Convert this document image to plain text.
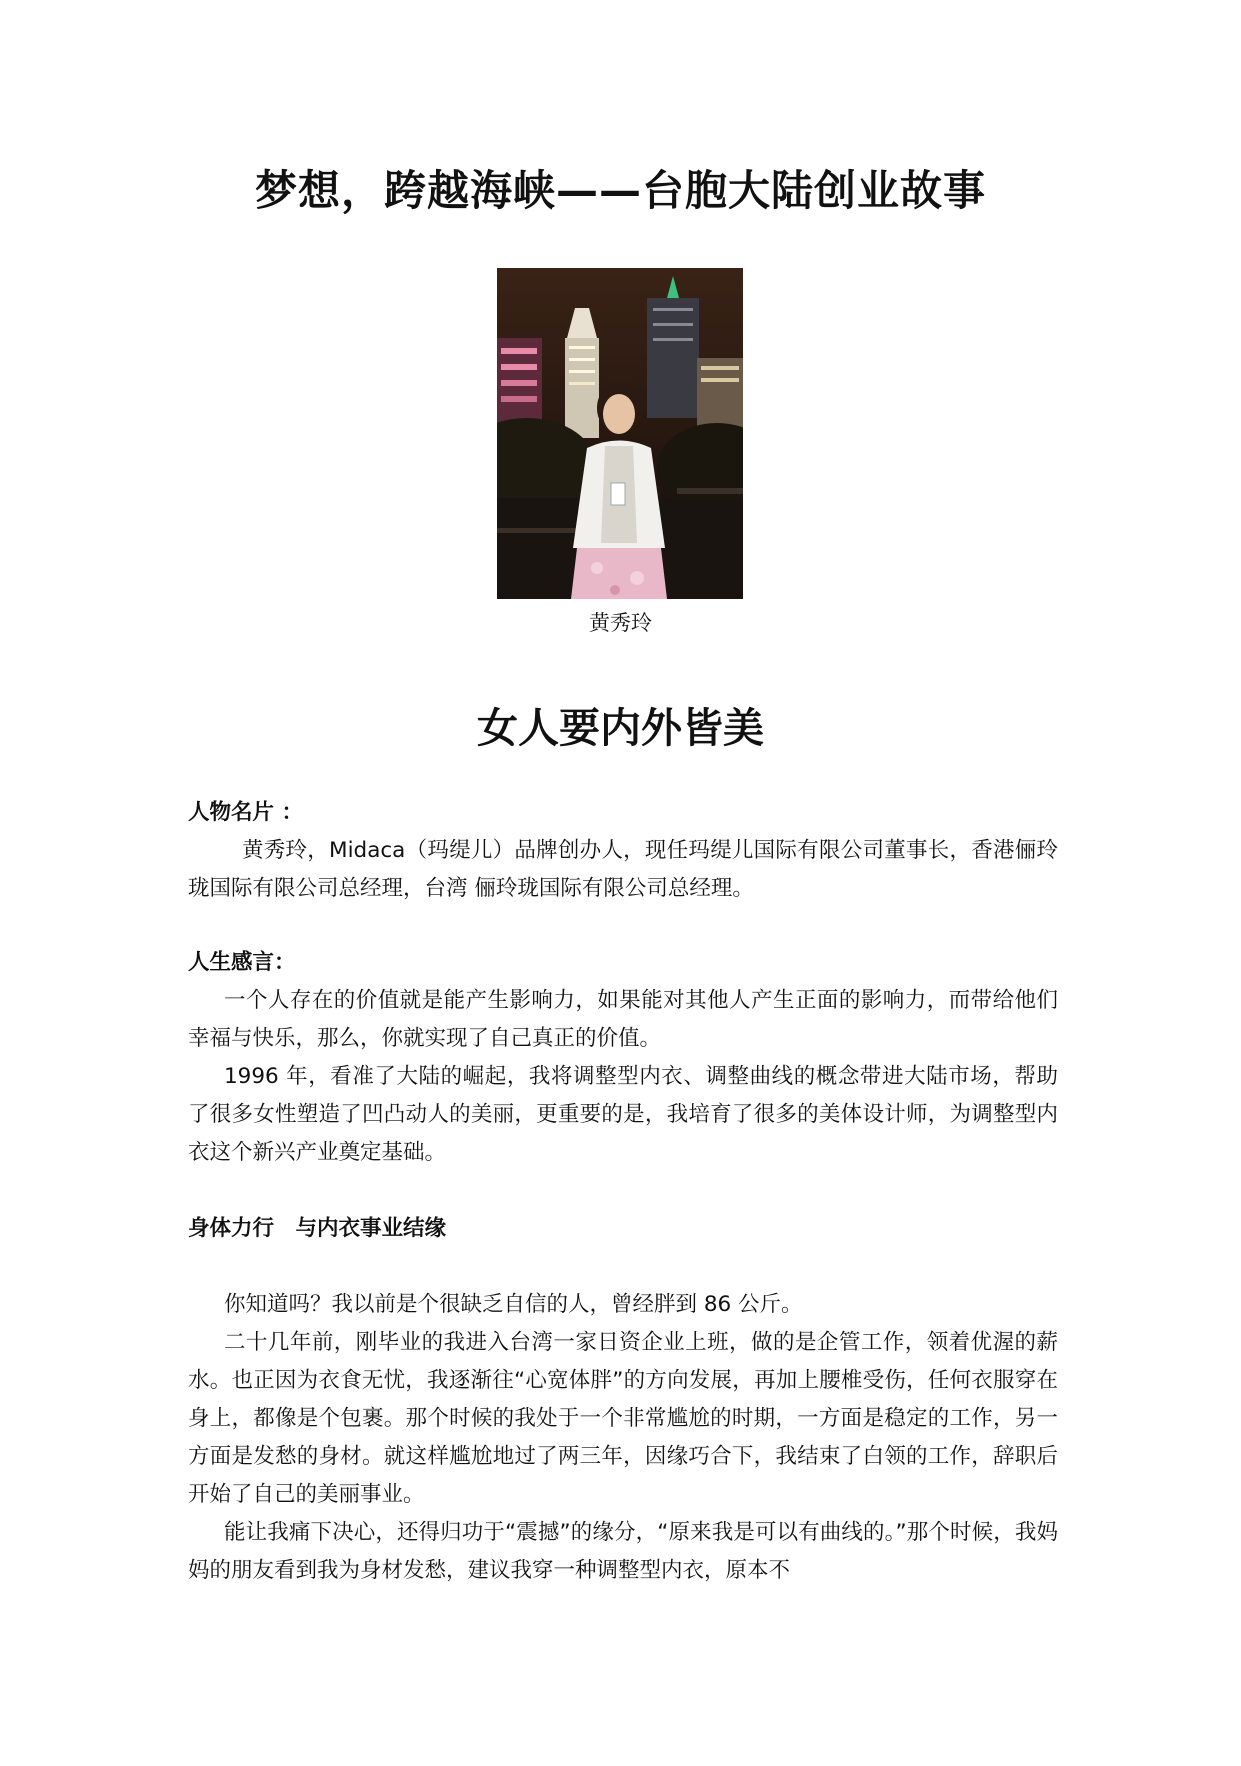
梦想，跨越海峡——台胞大陆创业故事

黄秀玲

女人要内外皆美

人物名片 ：

黄秀玲，Midaca（玛缇儿）品牌创办人，现任玛缇儿国际有限公司董事长，香港俪玲珑国际有限公司总经理，台湾 俪玲珑国际有限公司总经理。

人生感言：

一个人存在的价值就是能产生影响力，如果能对其他人产生正面的影响力，而带给他们幸福与快乐，那么，你就实现了自己真正的价值。

1996 年，看准了大陆的崛起，我将调整型内衣、调整曲线的概念带进大陆市场，帮助了很多女性塑造了凹凸动人的美丽，更重要的是，我培育了很多的美体设计师，为调整型内衣这个新兴产业奠定基础。

身体力行　与内衣事业结缘

你知道吗？我以前是个很缺乏自信的人，曾经胖到 86 公斤。

二十几年前，刚毕业的我进入台湾一家日资企业上班，做的是企管工作，领着优渥的薪水。也正因为衣食无忧，我逐渐往“心宽体胖”的方向发展，再加上腰椎受伤，任何衣服穿在身上，都像是个包裹。那个时候的我处于一个非常尴尬的时期，一方面是稳定的工作，另一方面是发愁的身材。就这样尴尬地过了两三年，因缘巧合下，我结束了白领的工作，辞职后开始了自己的美丽事业。

能让我痛下决心，还得归功于“震撼”的缘分，“原来我是可以有曲线的。”那个时候，我妈妈的朋友看到我为身材发愁，建议我穿一种调整型内衣，原本不
